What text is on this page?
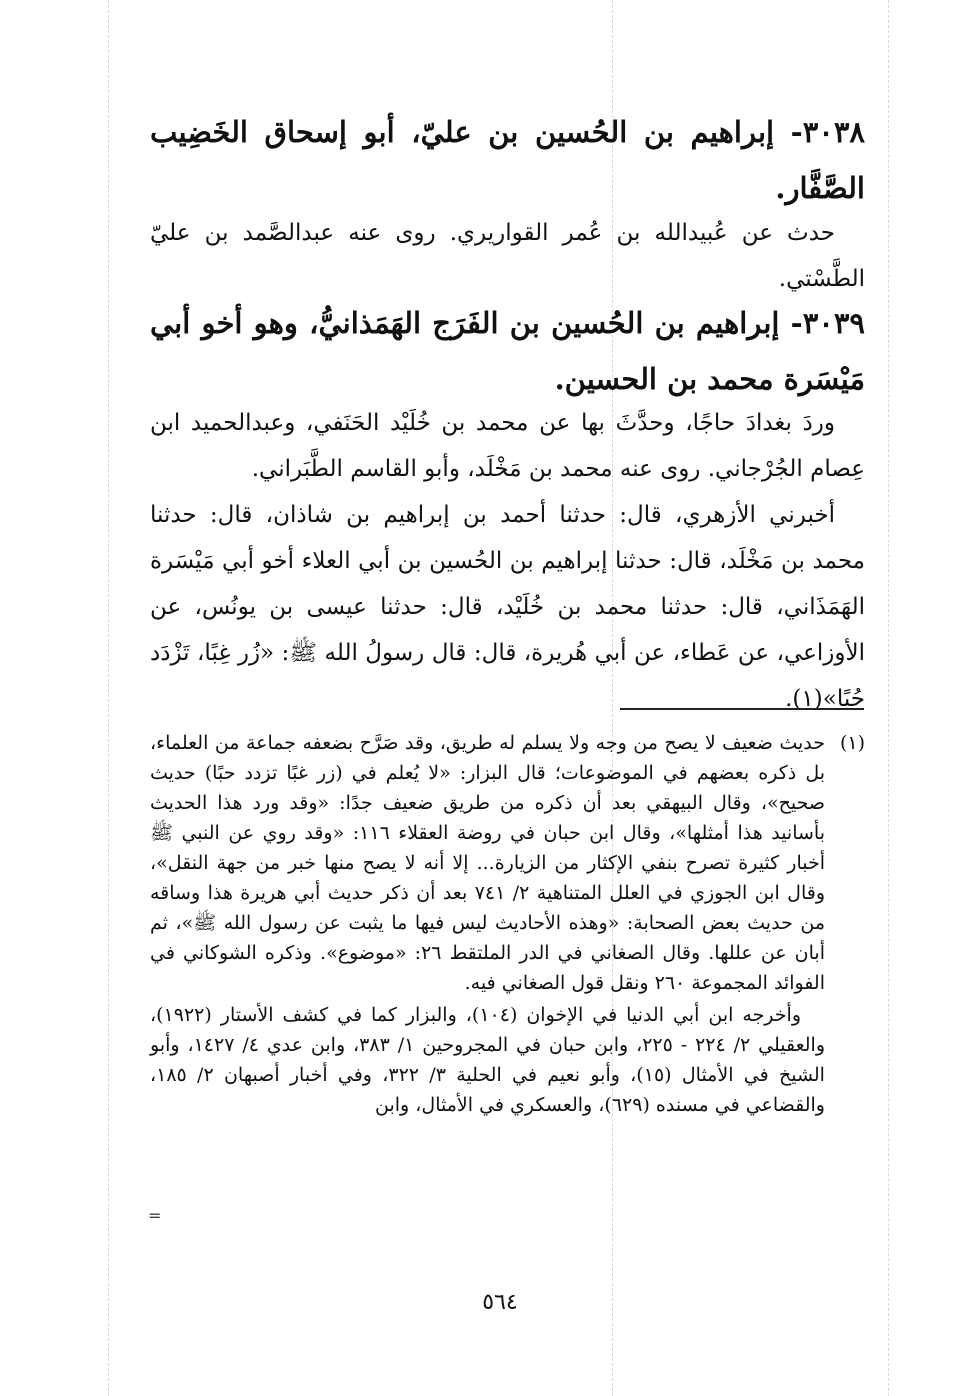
٣٠٣٨- إبراهيم بن الحُسين بن عليّ، أبو إسحاق الخَضِيب الصَّفَّار.

حدث عن عُبيدالله بن عُمر القواريري. روى عنه عبدالصَّمد بن عليّ الطَّسْتي.

٣٠٣٩- إبراهيم بن الحُسين بن الفَرَج الهَمَذانيُّ، وهو أخو أبي مَيْسَرة محمد بن الحسين.

وردَ بغدادَ حاجًا، وحدَّثَ بها عن محمد بن خُلَيْد الحَنَفي، وعبدالحميد ابن عِصام الجُرْجاني. روى عنه محمد بن مَخْلَد، وأبو القاسم الطَّبَراني.

أخبرني الأزهري، قال: حدثنا أحمد بن إبراهيم بن شاذان، قال: حدثنا محمد بن مَخْلَد، قال: حدثنا إبراهيم بن الحُسين بن أبي العلاء أخو أبي مَيْسَرة الهَمَذَاني، قال: حدثنا محمد بن خُلَيْد، قال: حدثنا عيسى بن يونُس، عن الأوزاعي، عن عَطاء، عن أبي هُريرة، قال: قال رسولُ الله ﷺ: «زُر غِبًا، تَزْدَد حُبًا»(١).

(١)
حديث ضعيف لا يصح من وجه ولا يسلم له طريق، وقد صَرَّح بضعفه جماعة من العلماء، بل ذكره بعضهم في الموضوعات؛ قال البزار: «لا يُعلم في (زر غبًا تزدد حبًا) حديث صحيح»، وقال البيهقي بعد أن ذكره من طريق ضعيف جدًا: «وقد ورد هذا الحديث بأسانيد هذا أمثلها»، وقال ابن حبان في روضة العقلاء ١١٦: «وقد روي عن النبي ﷺ أخبار كثيرة تصرح بنفي الإكثار من الزيارة... إلا أنه لا يصح منها خبر من جهة النقل»، وقال ابن الجوزي في العلل المتناهية ٢/ ٧٤١ بعد أن ذكر حديث أبي هريرة هذا وساقه من حديث بعض الصحابة: «وهذه الأحاديث ليس فيها ما يثبت عن رسول الله ﷺ»، ثم أبان عن عللها. وقال الصغاني في الدر الملتقط ٢٦: «موضوع». وذكره الشوكاني في الفوائد المجموعة ٢٦٠ ونقل قول الصغاني فيه.
وأخرجه ابن أبي الدنيا في الإخوان (١٠٤)، والبزار كما في كشف الأستار (١٩٢٢)، والعقيلي ٢/ ٢٢٤ - ٢٢٥، وابن حبان في المجروحين ١/ ٣٨٣، وابن عدي ٤/ ١٤٢٧، وأبو الشيخ في الأمثال (١٥)، وأبو نعيم في الحلية ٣/ ٣٢٢، وفي أخبار أصبهان ٢/ ١٨٥، والقضاعي في مسنده (٦٢٩)، والعسكري في الأمثال، وابن
=
٥٦٤
